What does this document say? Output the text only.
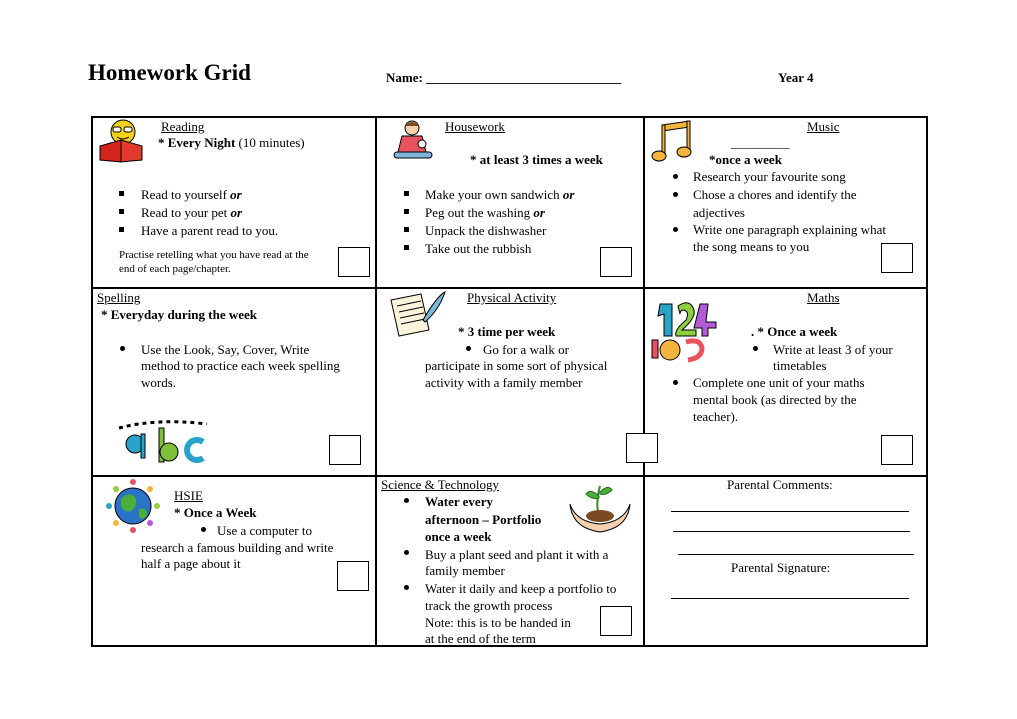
Homework Grid	Name: ______________________________	Year 4
Reading
* Every Night (10 minutes)
Read to yourself or
Read to your pet or
Have a parent read to you.
Practise retelling what you have read at the
end of each page/chapter.
Housework
* at least 3 times a week
Make your own sandwich or
Peg out the washing or
Unpack the dishwasher
Take out the rubbish
Music
_________
*once a week
Research your favourite song
Chose a chores and identify the
adjectives
Write one paragraph explaining what
the song means to you
Spelling
* Everyday during the week
Use the Look, Say, Cover, Write
method to practice each week spelling
words.
Physical Activity
* 3 time per week
Go for a walk or
participate in some sort of physical
activity with a family member
Maths
. * Once a week
Write at least 3 of your
timetables
Complete one unit of your maths
mental book (as directed by the
teacher).
HSIE
* Once a Week
Use a computer to
research a famous building and write
half a page about it
Science & Technology
Water every
afternoon – Portfolio
once a week
Buy a plant seed and plant it with a
family member
Water it daily and keep a portfolio to
track the growth process
Note: this is to be handed in
at the end of the term
Parental Comments:
Parental Signature:
